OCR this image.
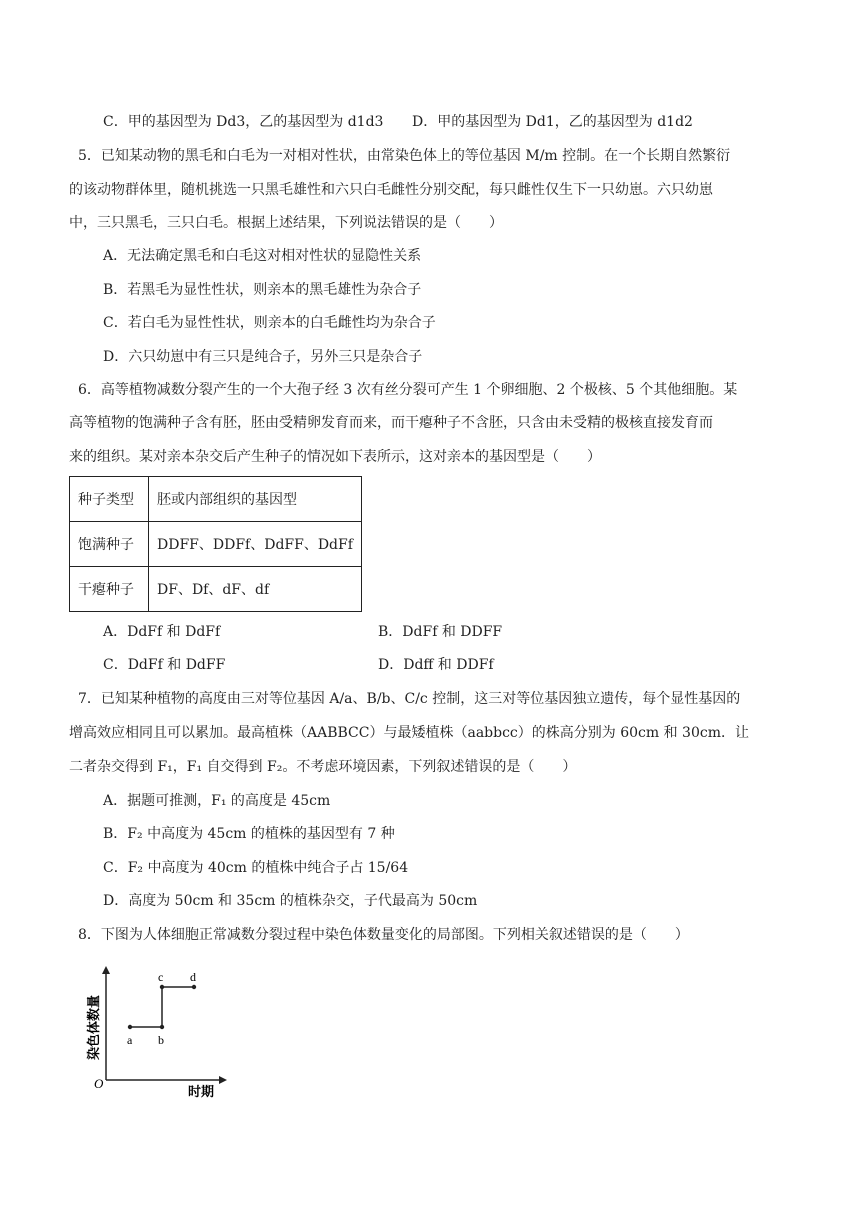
C．甲的基因型为 Dd3，乙的基因型为 d1d3 D．甲的基因型为 Dd1，乙的基因型为 d1d2
5．已知某动物的黑毛和白毛为一对相对性状，由常染色体上的等位基因 M/m 控制。在一个长期自然繁衍
的该动物群体里，随机挑选一只黑毛雄性和六只白毛雌性分别交配，每只雌性仅生下一只幼崽。六只幼崽
中，三只黑毛，三只白毛。根据上述结果，下列说法错误的是（　　）
A．无法确定黑毛和白毛这对相对性状的显隐性关系
B．若黑毛为显性性状，则亲本的黑毛雄性为杂合子
C．若白毛为显性性状，则亲本的白毛雌性均为杂合子
D．六只幼崽中有三只是纯合子，另外三只是杂合子
6．高等植物减数分裂产生的一个大孢子经 3 次有丝分裂可产生 1 个卵细胞、2 个极核、5 个其他细胞。某
高等植物的饱满种子含有胚，胚由受精卵发育而来，而干瘪种子不含胚，只含由未受精的极核直接发育而
来的组织。某对亲本杂交后产生种子的情况如下表所示，这对亲本的基因型是（　　）
种子类型	胚或内部组织的基因型
饱满种子	DDFF、DDFf、DdFF、DdFf
干瘪种子	DF、Df、dF、df
A．DdFf 和 DdFf	B．DdFf 和 DDFF
C．DdFf 和 DdFF	D．Ddff 和 DDFf
7．已知某种植物的高度由三对等位基因 A/a、B/b、C/c 控制，这三对等位基因独立遗传，每个显性基因的
增高效应相同且可以累加。最高植株（AABBCC）与最矮植株（aabbcc）的株高分别为 60cm 和 30cm．让
二者杂交得到 F₁，F₁ 自交得到 F₂。不考虑环境因素，下列叙述错误的是（　　）
A．据题可推测，F₁ 的高度是 45cm
B．F₂ 中高度为 45cm 的植株的基因型有 7 种
C．F₂ 中高度为 40cm 的植株中纯合子占 15/64
D．高度为 50cm 和 35cm 的植株杂交，子代最高为 50cm
8．下图为人体细胞正常减数分裂过程中染色体数量变化的局部图。下列相关叙述错误的是（　　）
a b
c d
O
时期
染色体数量
